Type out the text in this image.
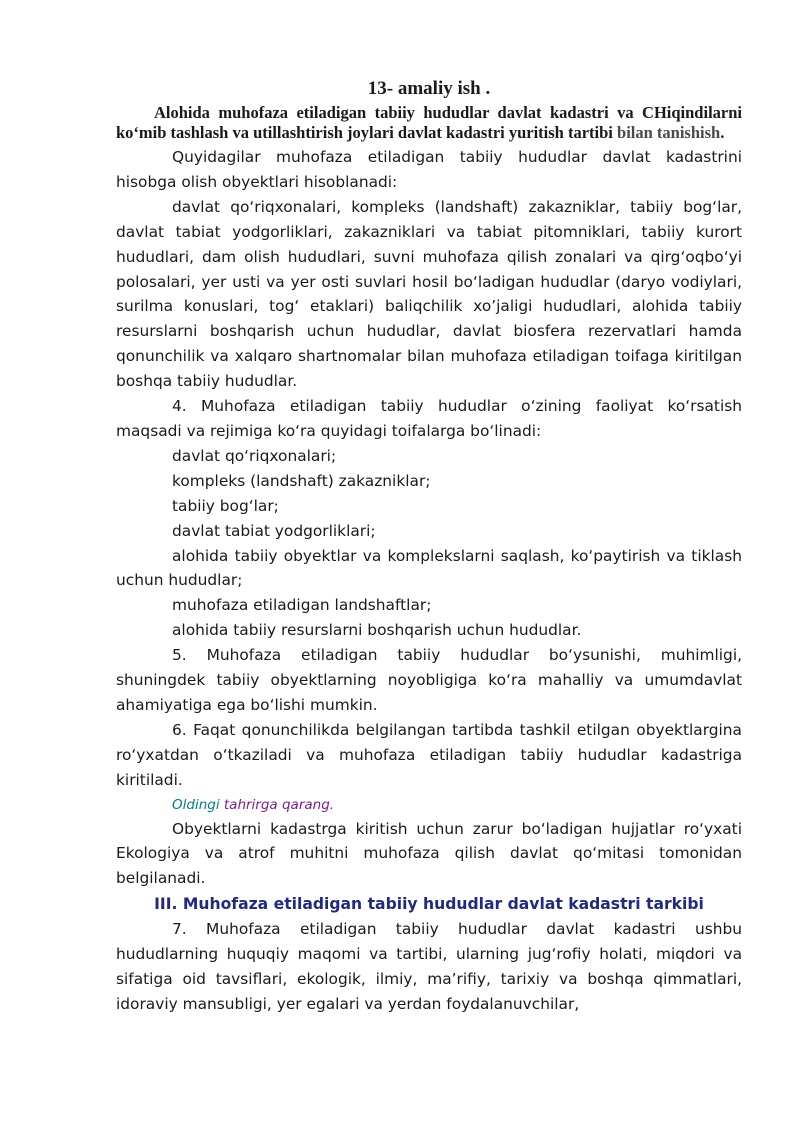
13- amaliy ish .
Alohida muhofaza etiladigan tabiiy hududlar davlat kadastri va CHiqindilarni ko‘mib tashlash va utillashtirish joylari davlat kadastri yuritish tartibi bilan tanishish.

Quyidagilar muhofaza etiladigan tabiiy hududlar davlat kadastrini hisobga olish obyektlari hisoblanadi:

davlat qo‘riqxonalari, kompleks (landshaft) zakazniklar, tabiiy bog‘lar, davlat tabiat yodgorliklari, zakazniklari va tabiat pitomniklari, tabiiy kurort hududlari, dam olish hududlari, suvni muhofaza qilish zonalari va qirg‘oqbo‘yi polosalari, yer usti va yer osti suvlari hosil bo‘ladigan hududlar (daryo vodiylari, surilma konuslari, tog‘ etaklari) baliqchilik xo’jaligi hududlari, alohida tabiiy resurslarni boshqarish uchun hududlar, davlat biosfera rezervatlari hamda qonunchilik va xalqaro shartnomalar bilan muhofaza etiladigan toifaga kiritilgan boshqa tabiiy hududlar.

4. Muhofaza etiladigan tabiiy hududlar o‘zining faoliyat ko‘rsatish maqsadi va rejimiga ko‘ra quyidagi toifalarga bo‘linadi:

davlat qo‘riqxonalari;

kompleks (landshaft) zakazniklar;

tabiiy bog‘lar;

davlat tabiat yodgorliklari;

alohida tabiiy obyektlar va komplekslarni saqlash, ko‘paytirish va tiklash uchun hududlar;

muhofaza etiladigan landshaftlar;

alohida tabiiy resurslarni boshqarish uchun hududlar.

5. Muhofaza etiladigan tabiiy hududlar bo‘ysunishi, muhimligi, shuningdek tabiiy obyektlarning noyobligiga ko‘ra mahalliy va umumdavlat ahamiyatiga ega bo‘lishi mumkin.

6. Faqat qonunchilikda belgilangan tartibda tashkil etilgan obyektlargina ro‘yxatdan o‘tkaziladi va muhofaza etiladigan tabiiy hududlar kadastriga kiritiladi.

Oldingi tahrirga qarang.

Obyektlarni kadastrga kiritish uchun zarur bo‘ladigan hujjatlar ro‘yxati Ekologiya va atrof muhitni muhofaza qilish davlat qo‘mitasi tomonidan belgilanadi.

III. Muhofaza etiladigan tabiiy hududlar davlat kadastri tarkibi

7. Muhofaza etiladigan tabiiy hududlar davlat kadastri ushbu hududlarning huquqiy maqomi va tartibi, ularning jug‘rofiy holati, miqdori va sifatiga oid tavsiflari, ekologik, ilmiy, ma’rifiy, tarixiy va boshqa qimmatlari, idoraviy mansubligi, yer egalari va yerdan foydalanuvchilar,
